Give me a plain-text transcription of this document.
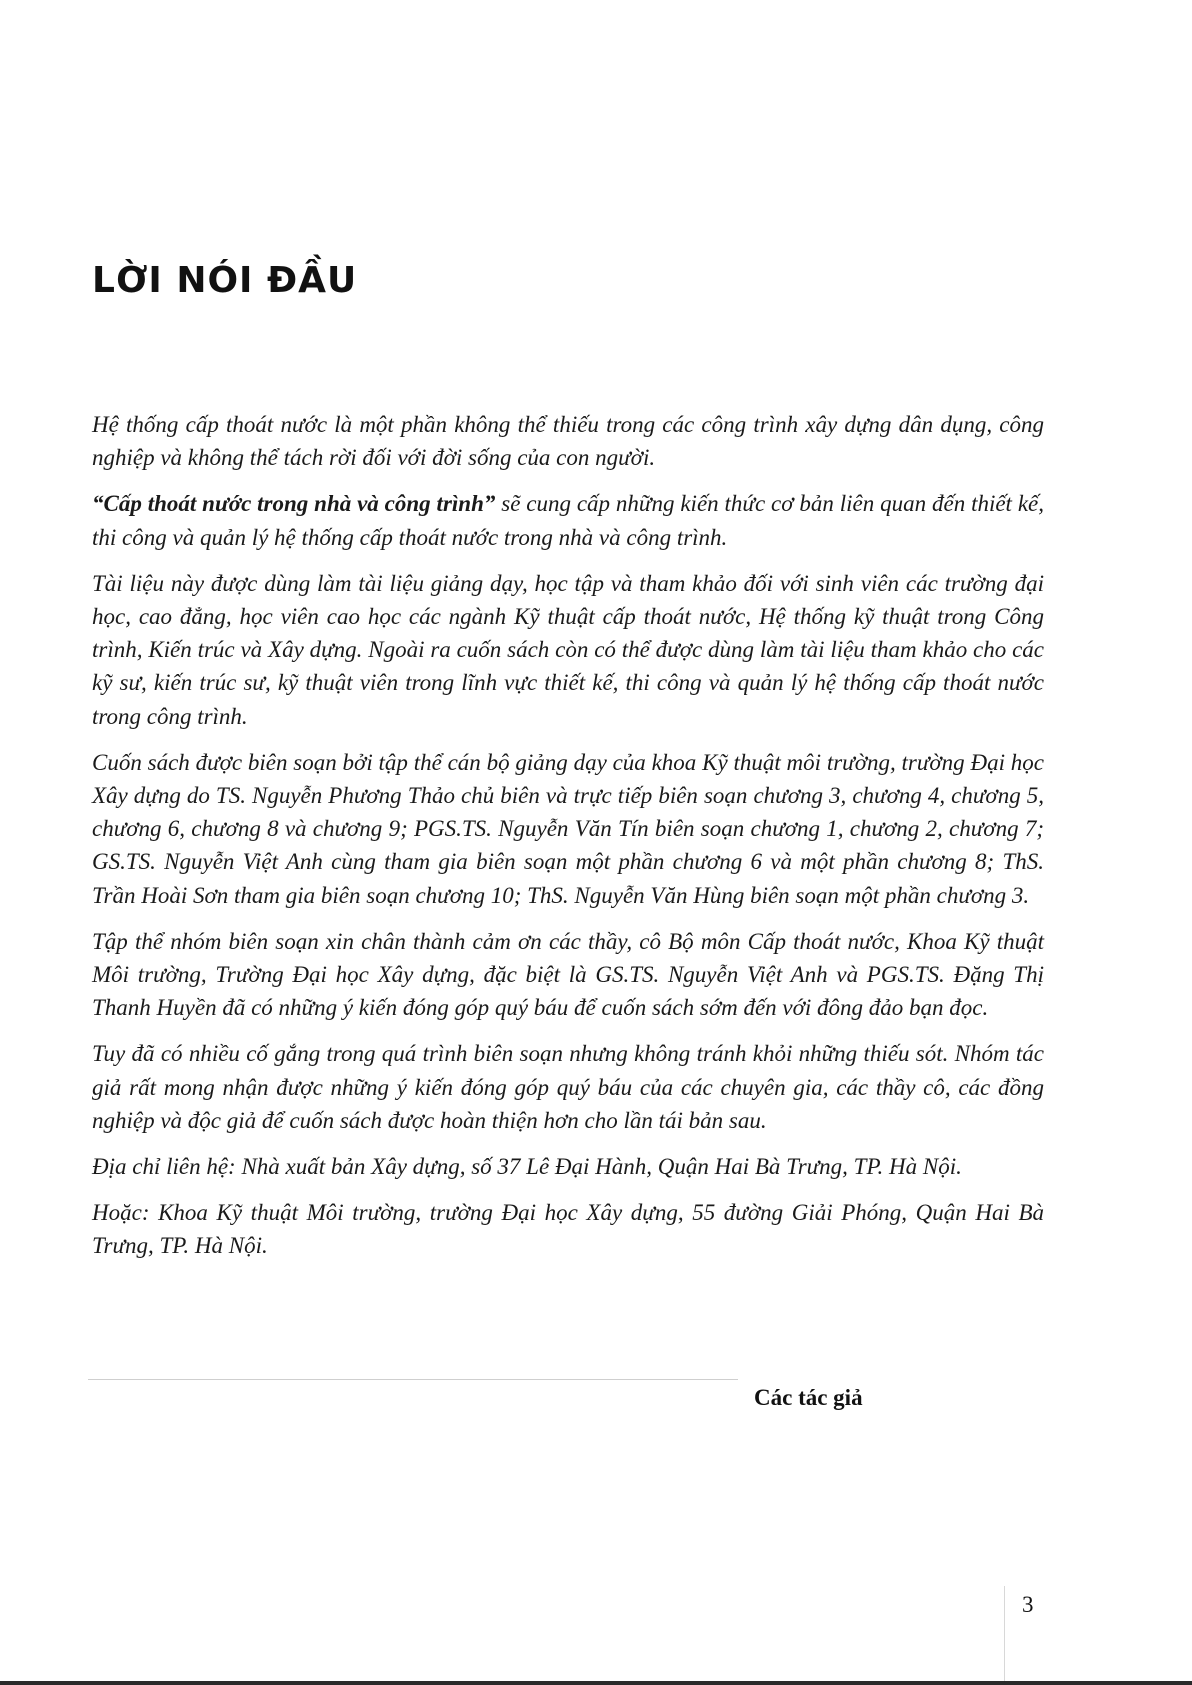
LỜI NÓI ĐẦU

Hệ thống cấp thoát nước là một phần không thể thiếu trong các công trình xây dựng dân dụng, công nghiệp và không thể tách rời đối với đời sống của con người.

“Cấp thoát nước trong nhà và công trình” sẽ cung cấp những kiến thức cơ bản liên quan đến thiết kế, thi công và quản lý hệ thống cấp thoát nước trong nhà và công trình.

Tài liệu này được dùng làm tài liệu giảng dạy, học tập và tham khảo đối với sinh viên các trường đại học, cao đẳng, học viên cao học các ngành Kỹ thuật cấp thoát nước, Hệ thống kỹ thuật trong Công trình, Kiến trúc và Xây dựng. Ngoài ra cuốn sách còn có thể được dùng làm tài liệu tham khảo cho các kỹ sư, kiến trúc sư, kỹ thuật viên trong lĩnh vực thiết kế, thi công và quản lý hệ thống cấp thoát nước trong công trình.

Cuốn sách được biên soạn bởi tập thể cán bộ giảng dạy của khoa Kỹ thuật môi trường, trường Đại học Xây dựng do TS. Nguyễn Phương Thảo chủ biên và trực tiếp biên soạn chương 3, chương 4, chương 5, chương 6, chương 8 và chương 9; PGS.TS. Nguyễn Văn Tín biên soạn chương 1, chương 2, chương 7; GS.TS. Nguyễn Việt Anh cùng tham gia biên soạn một phần chương 6 và một phần chương 8; ThS. Trần Hoài Sơn tham gia biên soạn chương 10; ThS. Nguyễn Văn Hùng biên soạn một phần chương 3.

Tập thể nhóm biên soạn xin chân thành cảm ơn các thầy, cô Bộ môn Cấp thoát nước, Khoa Kỹ thuật Môi trường, Trường Đại học Xây dựng, đặc biệt là GS.TS. Nguyễn Việt Anh và PGS.TS. Đặng Thị Thanh Huyền đã có những ý kiến đóng góp quý báu để cuốn sách sớm đến với đông đảo bạn đọc.

Tuy đã có nhiều cố gắng trong quá trình biên soạn nhưng không tránh khỏi những thiếu sót. Nhóm tác giả rất mong nhận được những ý kiến đóng góp quý báu của các chuyên gia, các thầy cô, các đồng nghiệp và độc giả để cuốn sách được hoàn thiện hơn cho lần tái bản sau.

Địa chỉ liên hệ: Nhà xuất bản Xây dựng, số 37 Lê Đại Hành, Quận Hai Bà Trưng, TP. Hà Nội.

Hoặc: Khoa Kỹ thuật Môi trường, trường Đại học Xây dựng, 55 đường Giải Phóng, Quận Hai Bà Trưng, TP. Hà Nội.

Các tác giả
3
